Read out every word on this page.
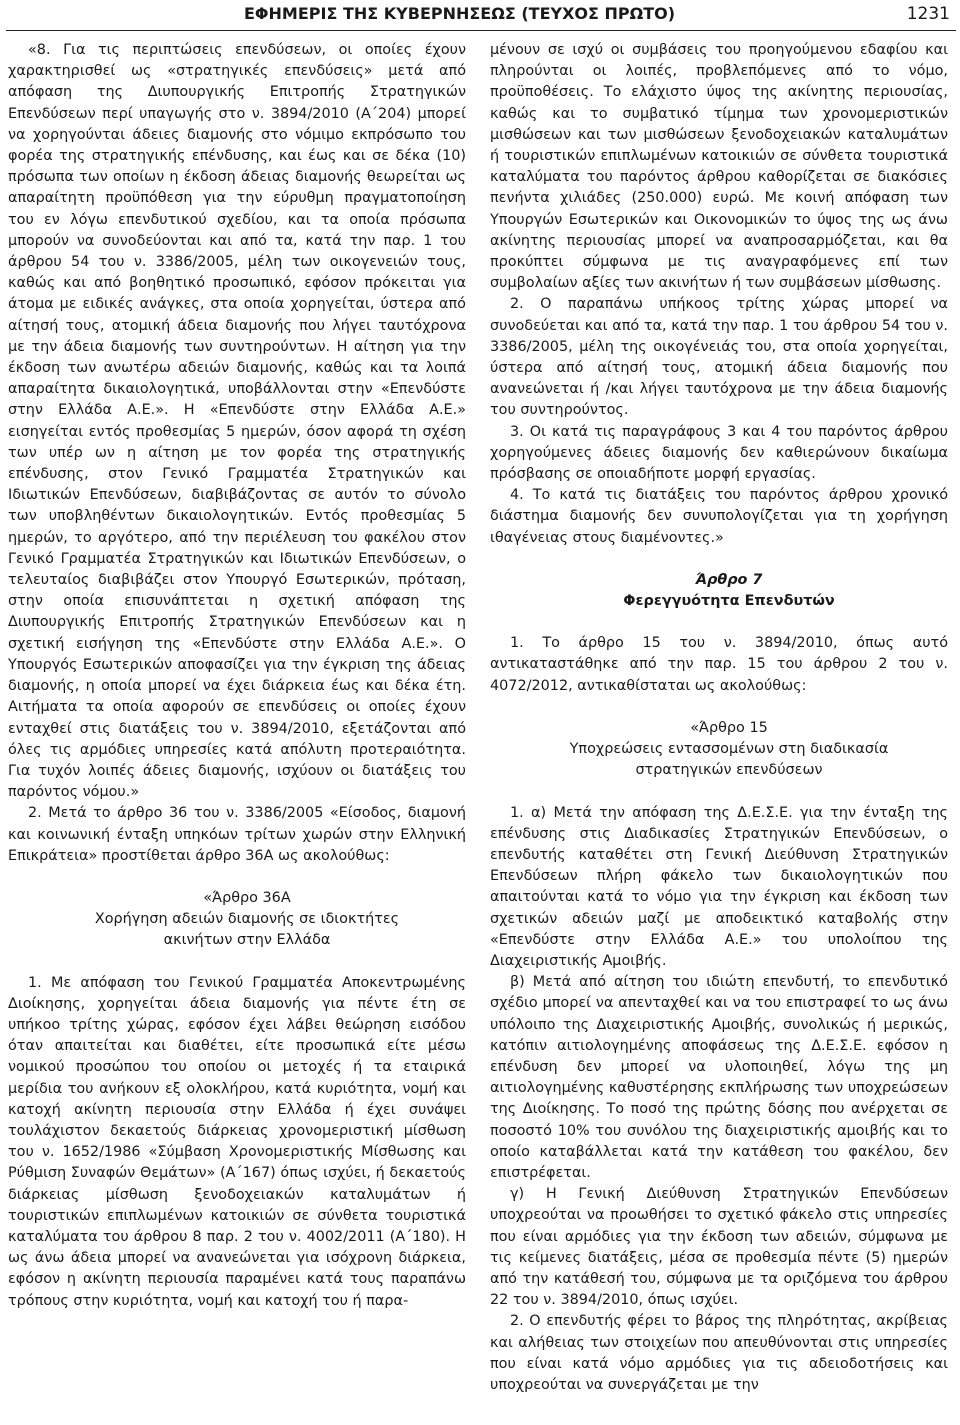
ΕΦΗΜΕΡΙΣ ΤΗΣ ΚΥΒΕΡΝΗΣΕΩΣ (ΤΕΥΧΟΣ ΠΡΩΤΟ)	1231

«8. Για τις περιπτώσεις επενδύσεων, οι οποίες έχουν χαρακτηρισθεί ως «στρατηγικές επενδύσεις» μετά από απόφαση της Διυπουργικής Επιτροπής Στρατηγικών Επενδύσεων περί υπαγωγής στο ν. 3894/2010 (Α΄204) μπορεί να χορηγούνται άδειες διαμονής στο νόμιμο εκπρόσωπο του φορέα της στρατηγικής επένδυσης, και έως και σε δέκα (10) πρόσωπα των οποίων η έκδοση άδειας διαμονής θεωρείται ως απαραίτητη προϋπόθεση για την εύρυθμη πραγματοποίηση του εν λόγω επενδυτικού σχεδίου, και τα οποία πρόσωπα μπορούν να συνοδεύονται και από τα, κατά την παρ. 1 του άρθρου 54 του ν. 3386/2005, μέλη των οικογενειών τους, καθώς και από βοηθητικό προσωπικό, εφόσον πρόκειται για άτομα με ειδικές ανάγκες, στα οποία χορηγείται, ύστερα από αίτησή τους, ατομική άδεια διαμονής που λήγει ταυτόχρονα με την άδεια διαμονής των συντηρούντων. Η αίτηση για την έκδοση των ανωτέρω αδειών διαμονής, καθώς και τα λοιπά απαραίτητα δικαιολογητικά, υποβάλλονται στην «Επενδύστε στην Ελλάδα Α.Ε.». Η «Επενδύστε στην Ελλάδα Α.Ε.» εισηγείται εντός προθεσμίας 5 ημερών, όσον αφορά τη σχέση των υπέρ ων η αίτηση με τον φορέα της στρατηγικής επένδυσης, στον Γενικό Γραμματέα Στρατηγικών και Ιδιωτικών Επενδύσεων, διαβιβάζοντας σε αυτόν το σύνολο των υποβληθέντων δικαιολογητικών. Εντός προθεσμίας 5 ημερών, το αργότερο, από την περιέλευση του φακέλου στον Γενικό Γραμματέα Στρατηγικών και Ιδιωτικών Επενδύσεων, ο τελευταίος διαβιβάζει στον Υπουργό Εσωτερικών, πρόταση, στην οποία επισυνάπτεται η σχετική απόφαση της Διυπουργικής Επιτροπής Στρατηγικών Επενδύσεων και η σχετική εισήγηση της «Επενδύστε στην Ελλάδα Α.Ε.». Ο Υπουργός Εσωτερικών αποφασίζει για την έγκριση της άδειας διαμονής, η οποία μπορεί να έχει διάρκεια έως και δέκα έτη. Αιτήματα τα οποία αφορούν σε επενδύσεις οι οποίες έχουν ενταχθεί στις διατάξεις του ν. 3894/2010, εξετάζονται από όλες τις αρμόδιες υπηρεσίες κατά απόλυτη προτεραιότητα. Για τυχόν λοιπές άδειες διαμονής, ισχύουν οι διατάξεις του παρόντος νόμου.»

2. Μετά το άρθρο 36 του ν. 3386/2005 «Είσοδος, διαμονή και κοινωνική ένταξη υπηκόων τρίτων χωρών στην Ελληνική Επικράτεια» προστίθεται άρθρο 36Α ως ακολούθως:

«Άρθρο 36Α

Χορήγηση αδειών διαμονής σε ιδιοκτήτες

ακινήτων στην Ελλάδα

1. Με απόφαση του Γενικού Γραμματέα Αποκεντρωμένης Διοίκησης, χορηγείται άδεια διαμονής για πέντε έτη σε υπήκοο τρίτης χώρας, εφόσον έχει λάβει θεώρηση εισόδου όταν απαιτείται και διαθέτει, είτε προσωπικά είτε μέσω νομικού προσώπου του οποίου οι μετοχές ή τα εταιρικά μερίδια του ανήκουν εξ ολοκλήρου, κατά κυριότητα, νομή και κατοχή ακίνητη περιουσία στην Ελλάδα ή έχει συνάψει τουλάχιστον δεκαετούς διάρκειας χρονομεριστική μίσθωση του ν. 1652/1986 «Σύμβαση Χρονομεριστικής Μίσθωσης και Ρύθμιση Συναφών Θεμάτων» (Α΄167) όπως ισχύει, ή δεκαετούς διάρκειας μίσθωση ξενοδοχειακών καταλυμάτων ή τουριστικών επιπλωμένων κατοικιών σε σύνθετα τουριστικά καταλύματα του άρθρου 8 παρ. 2 του ν. 4002/2011 (Α΄180). Η ως άνω άδεια μπορεί να ανανεώνεται για ισόχρονη διάρκεια, εφόσον η ακίνητη περιουσία παραμένει κατά τους παραπάνω τρόπους στην κυριότητα, νομή και κατοχή του ή παρα-

μένουν σε ισχύ οι συμβάσεις του προηγούμενου εδαφίου και πληρούνται οι λοιπές, προβλεπόμενες από το νόμο, προϋποθέσεις. Το ελάχιστο ύψος της ακίνητης περιουσίας, καθώς και το συμβατικό τίμημα των χρονομεριστικών μισθώσεων και των μισθώσεων ξενοδοχειακών καταλυμάτων ή τουριστικών επιπλωμένων κατοικιών σε σύνθετα τουριστικά καταλύματα του παρόντος άρθρου καθορίζεται σε διακόσιες πενήντα χιλιάδες (250.000) ευρώ. Με κοινή απόφαση των Υπουργών Εσωτερικών και Οικονομικών το ύψος της ως άνω ακίνητης περιουσίας μπορεί να αναπροσαρμόζεται, και θα προκύπτει σύμφωνα με τις αναγραφόμενες επί των συμβολαίων αξίες των ακινήτων ή των συμβάσεων μίσθωσης.

2. Ο παραπάνω υπήκοος τρίτης χώρας μπορεί να συνοδεύεται και από τα, κατά την παρ. 1 του άρθρου 54 του ν. 3386/2005, μέλη της οικογένειάς του, στα οποία χορηγείται, ύστερα από αίτησή τους, ατομική άδεια διαμονής που ανανεώνεται ή /και λήγει ταυτόχρονα με την άδεια διαμονής του συντηρούντος.

3. Οι κατά τις παραγράφους 3 και 4 του παρόντος άρθρου χορηγούμενες άδειες διαμονής δεν καθιερώνουν δικαίωμα πρόσβασης σε οποιαδήποτε μορφή εργασίας.

4. Το κατά τις διατάξεις του παρόντος άρθρου χρονικό διάστημα διαμονής δεν συνυπολογίζεται για τη χορήγηση ιθαγένειας στους διαμένοντες.»

Άρθρο 7

Φερεγγυότητα Επενδυτών

1. Το άρθρο 15 του ν. 3894/2010, όπως αυτό αντικαταστάθηκε από την παρ. 15 του άρθρου 2 του ν. 4072/2012, αντικαθίσταται ως ακολούθως:

«Άρθρο 15

Υποχρεώσεις εντασσομένων στη διαδικασία

στρατηγικών επενδύσεων

1. α) Μετά την απόφαση της Δ.Ε.Σ.Ε. για την ένταξη της επένδυσης στις Διαδικασίες Στρατηγικών Επενδύσεων, ο επενδυτής καταθέτει στη Γενική Διεύθυνση Στρατηγικών Επενδύσεων πλήρη φάκελο των δικαιολογητικών που απαιτούνται κατά το νόμο για την έγκριση και έκδοση των σχετικών αδειών μαζί με αποδεικτικό καταβολής στην «Επενδύστε στην Ελλάδα Α.Ε.» του υπολοίπου της Διαχειριστικής Αμοιβής.

β) Μετά από αίτηση του ιδιώτη επενδυτή, το επενδυτικό σχέδιο μπορεί να απενταχθεί και να του επιστραφεί το ως άνω υπόλοιπο της Διαχειριστικής Αμοιβής, συνολικώς ή μερικώς, κατόπιν αιτιολογημένης αποφάσεως της Δ.Ε.Σ.Ε. εφόσον η επένδυση δεν μπορεί να υλοποιηθεί, λόγω της μη αιτιολογημένης καθυστέρησης εκπλήρωσης των υποχρεώσεων της Διοίκησης. Το ποσό της πρώτης δόσης που ανέρχεται σε ποσοστό 10% του συνόλου της διαχειριστικής αμοιβής και το οποίο καταβάλλεται κατά την κατάθεση του φακέλου, δεν επιστρέφεται.

γ) Η Γενική Διεύθυνση Στρατηγικών Επενδύσεων υποχρεούται να προωθήσει το σχετικό φάκελο στις υπηρεσίες που είναι αρμόδιες για την έκδοση των αδειών, σύμφωνα με τις κείμενες διατάξεις, μέσα σε προθεσμία πέντε (5) ημερών από την κατάθεσή του, σύμφωνα με τα οριζόμενα του άρθρου 22 του ν. 3894/2010, όπως ισχύει.

2. Ο επενδυτής φέρει το βάρος της πληρότητας, ακρίβειας και αλήθειας των στοιχείων που απευθύνονται στις υπηρεσίες που είναι κατά νόμο αρμόδιες για τις αδειοδοτήσεις και υποχρεούται να συνεργάζεται με την
